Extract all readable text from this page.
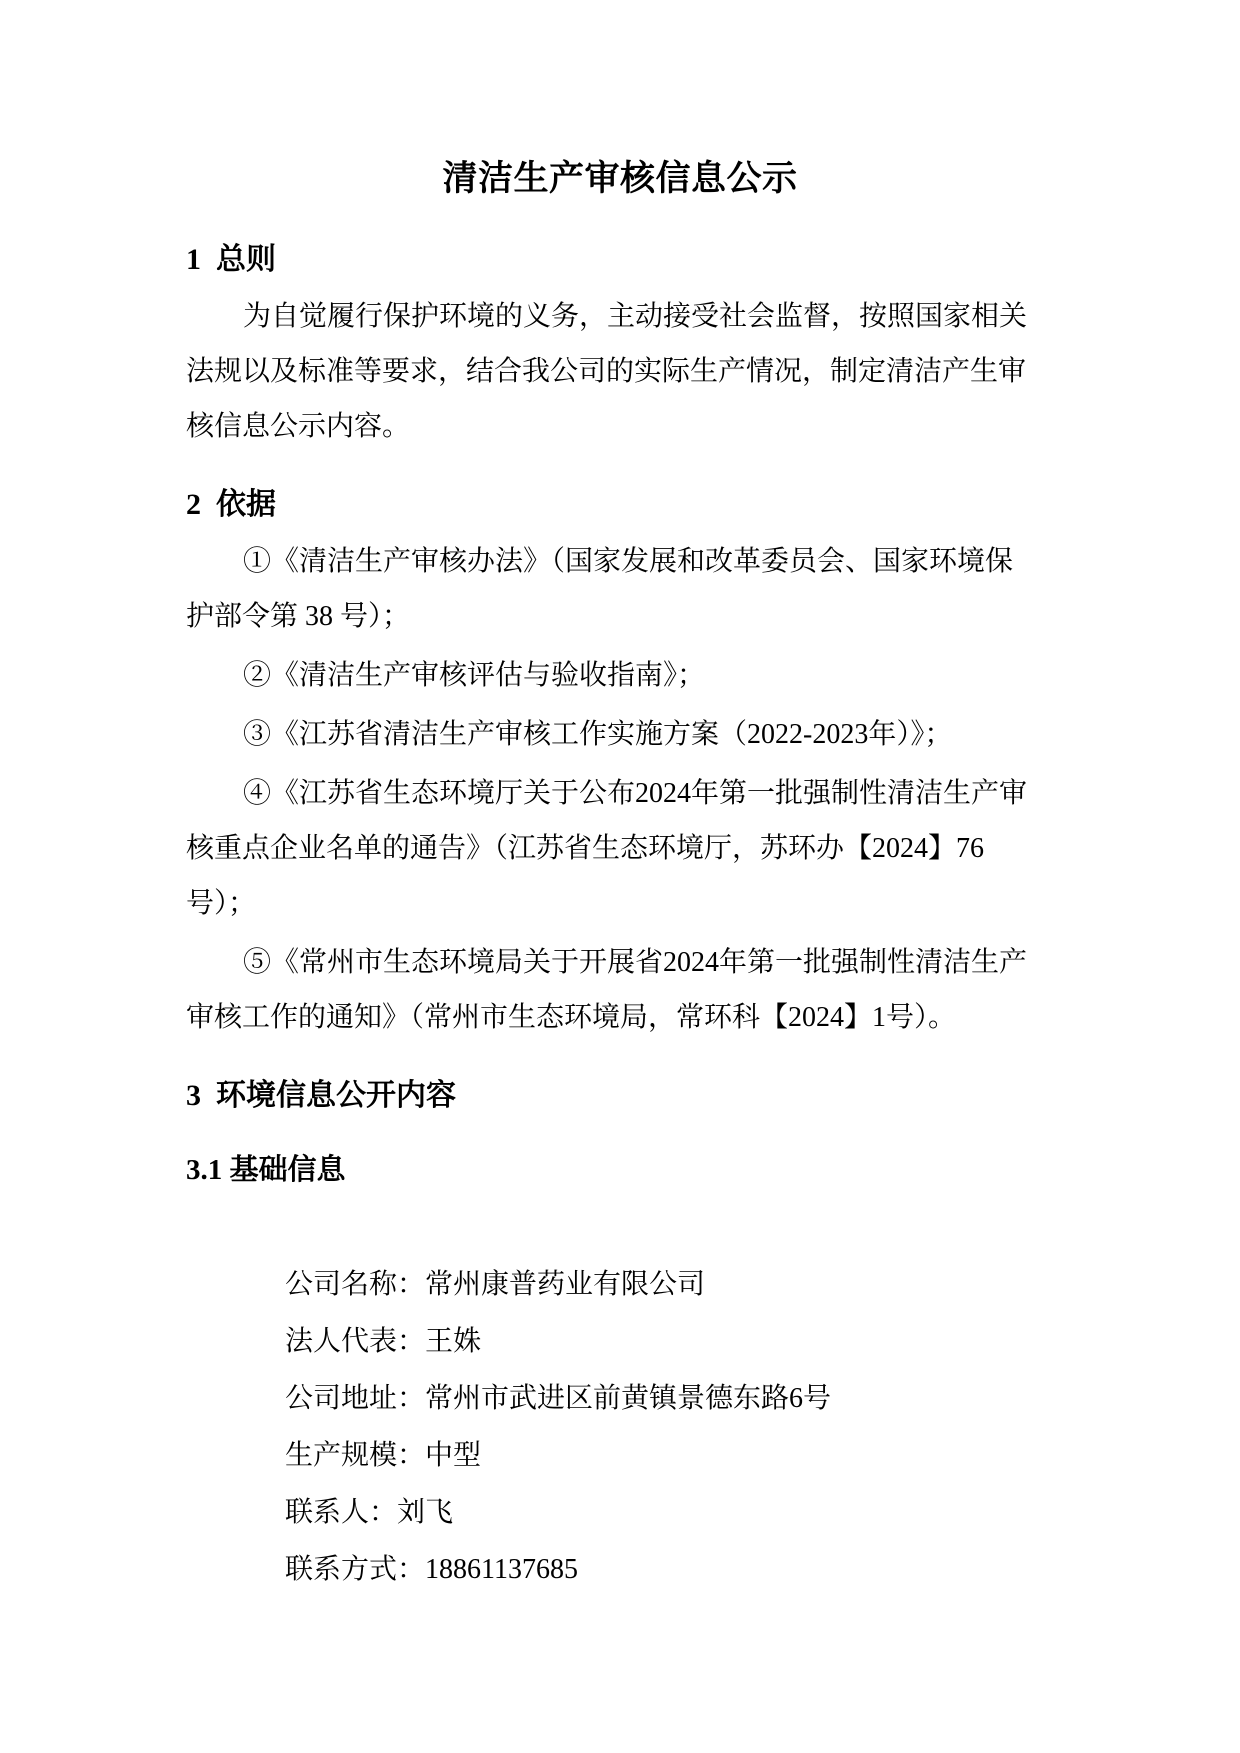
清洁生产审核信息公示
1  总则
为自觉履行保护环境的义务，主动接受社会监督，按照国家相关
法规以及标准等要求，结合我公司的实际生产情况，制定清洁产生审
核信息公示内容。
2  依据
①《清洁生产审核办法》（国家发展和改革委员会、国家环境保
护部令第 38 号）；
②《清洁生产审核评估与验收指南》；
③《江苏省清洁生产审核工作实施方案（2022-2023年）》；
④《江苏省生态环境厅关于公布2024年第一批强制性清洁生产审
核重点企业名单的通告》（江苏省生态环境厅，苏环办【2024】76
号）；
⑤《常州市生态环境局关于开展省2024年第一批强制性清洁生产
审核工作的通知》（常州市生态环境局，常环科【2024】1号）。
3  环境信息公开内容
3.1 基础信息

公司名称：常州康普药业有限公司

法人代表：王姝

公司地址：常州市武进区前黄镇景德东路6号

生产规模：中型

联系人：刘飞

联系方式：18861137685
